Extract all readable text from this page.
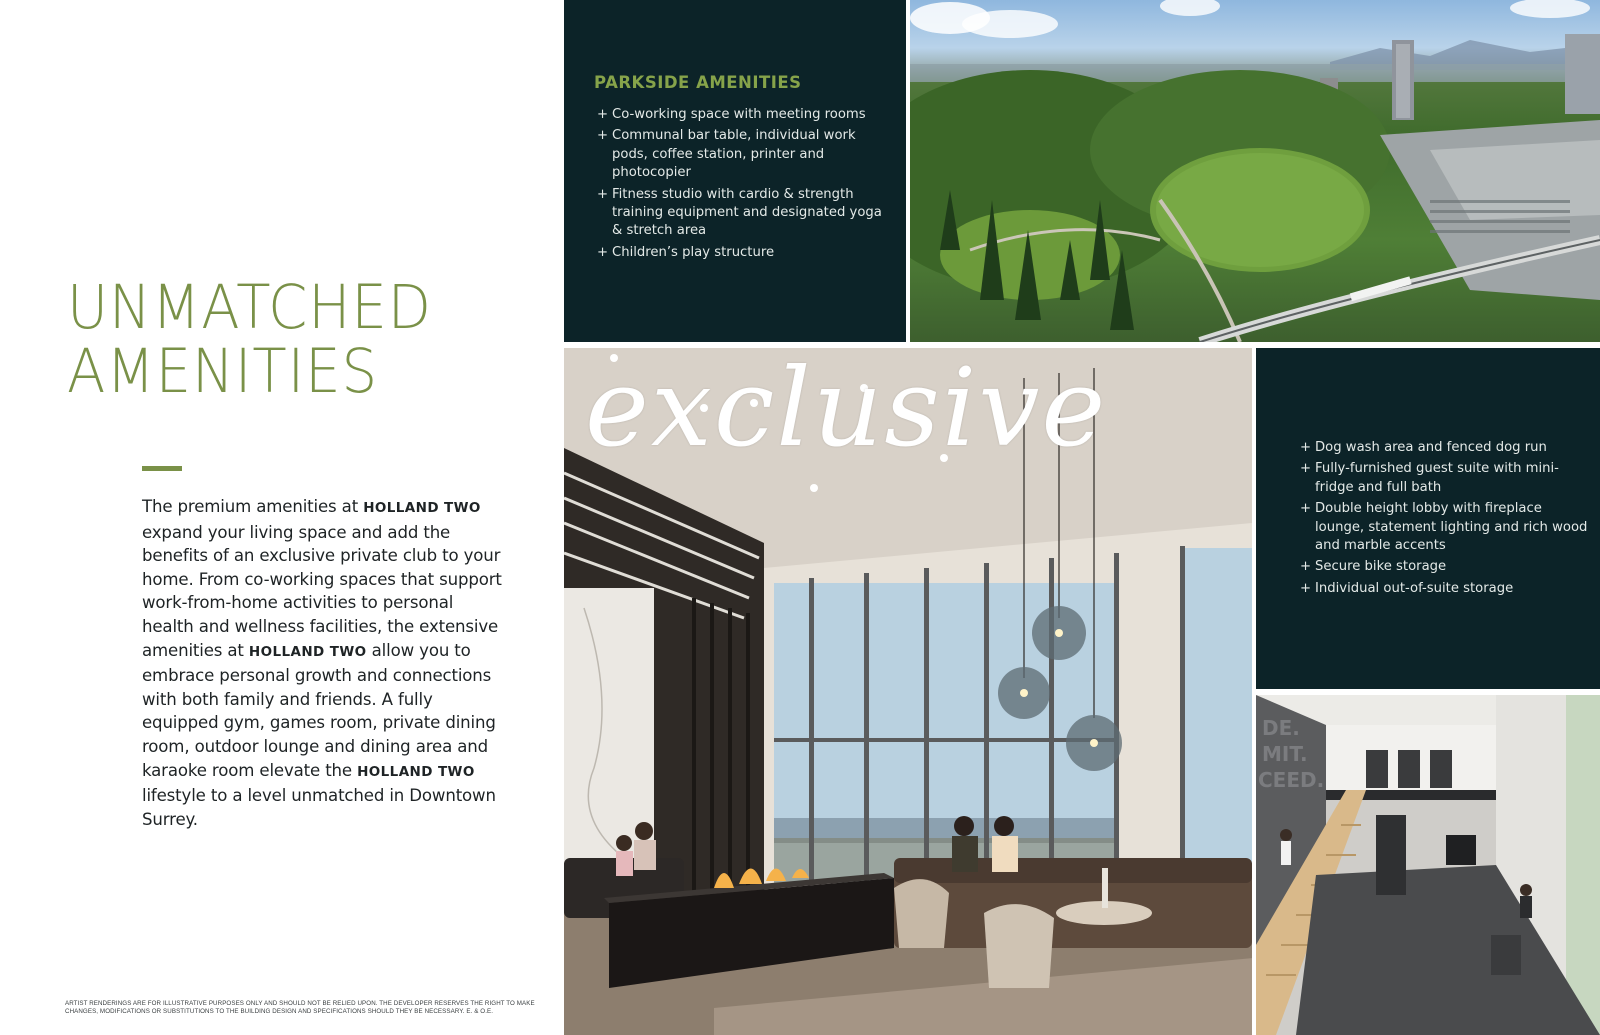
UNMATCHED
AMENITIES

The premium amenities at HOLLAND TWO expand your living space and add the benefits of an exclusive private club to your home. From co-working spaces that support work-from-home activities to personal health and wellness facilities, the extensive amenities at HOLLAND TWO allow you to embrace personal growth and connections with both family and friends. A fully equipped gym, games room, private dining room, outdoor lounge and dining area and karaoke room elevate the HOLLAND TWO lifestyle to a level unmatched in Downtown Surrey.

ARTIST RENDERINGS ARE FOR ILLUSTRATIVE PURPOSES ONLY AND SHOULD NOT BE RELIED UPON. THE DEVELOPER RESERVES THE RIGHT TO MAKE CHANGES, MODIFICATIONS OR SUBSTITUTIONS TO THE BUILDING DESIGN AND SPECIFICATIONS SHOULD THEY BE NECESSARY. E. & O.E.
PARKSIDE AMENITIES
+ Co-working space with meeting rooms
+ Communal bar table, individual work pods, coffee station, printer and photocopier
+ Fitness studio with cardio & strength training equipment and designated yoga & stretch area
+ Children’s play structure
exclusive	+ Dog wash area and fenced dog run
+ Fully-furnished guest suite with mini-fridge and full bath
+ Double height lobby with fireplace lounge, statement lighting and rich wood and marble accents
+ Secure bike storage
+ Individual out-of-suite storage
DE.
MIT.
CEED.
